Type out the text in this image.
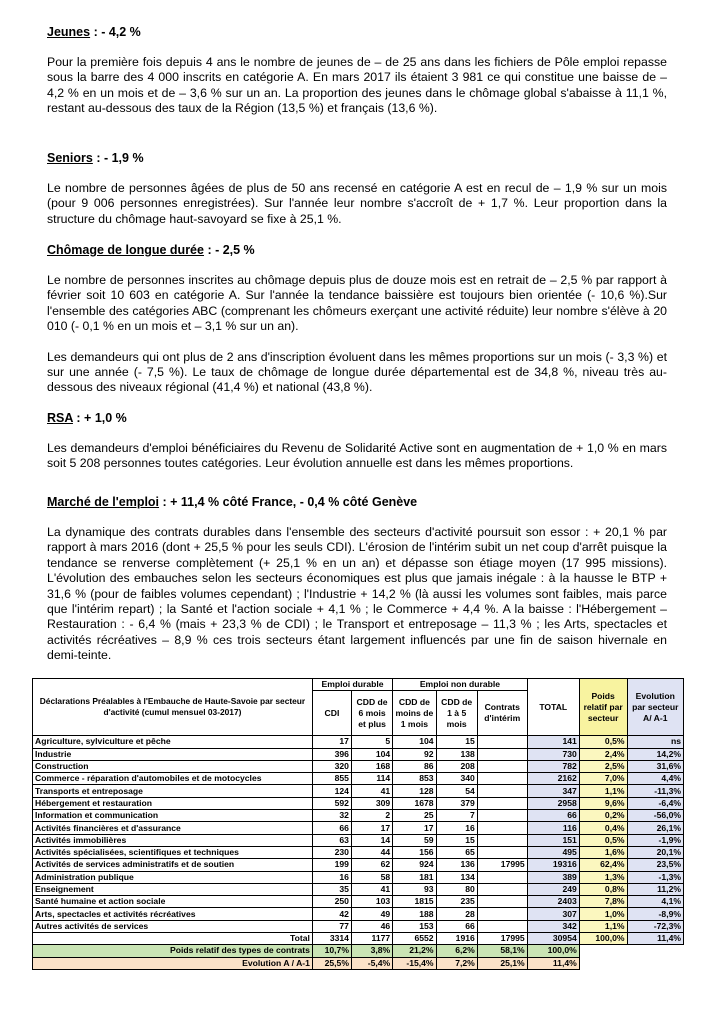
Jeunes : - 4,2 %

Pour la première fois depuis 4 ans le nombre de jeunes de – de 25 ans dans les fichiers de Pôle emploi repasse sous la barre des 4 000 inscrits en catégorie A. En mars 2017 ils étaient 3 981 ce qui constitue une baisse de – 4,2 % en un mois et de – 3,6 % sur un an. La proportion des jeunes dans le chômage global s'abaisse à 11,1 %, restant au-dessous des taux de la Région (13,5 %) et français (13,6 %).

Seniors : - 1,9 %

Le nombre de personnes âgées de plus de 50 ans recensé en catégorie A est en recul de – 1,9 % sur un mois (pour 9 006 personnes enregistrées). Sur l'année leur nombre s'accroît de + 1,7 %. Leur proportion dans la structure du chômage haut-savoyard se fixe à 25,1 %.

Chômage de longue durée : - 2,5 %

Le nombre de personnes inscrites au chômage depuis plus de douze mois est en retrait de – 2,5 % par rapport à février soit 10 603 en catégorie A. Sur l'année la tendance baissière est toujours bien orientée (- 10,6 %).Sur l'ensemble des catégories ABC (comprenant les chômeurs exerçant une activité réduite) leur nombre s'élève à 20 010 (- 0,1 % en un mois et – 3,1 % sur un an).

Les demandeurs qui ont plus de 2 ans d'inscription évoluent dans les mêmes proportions sur un mois (- 3,3 %) et sur une année (- 7,5 %). Le taux de chômage de longue durée départemental est de 34,8 %, niveau très au-dessous des niveaux régional (41,4 %) et national (43,8 %).

RSA : + 1,0 %

Les demandeurs d'emploi bénéficiaires du Revenu de Solidarité Active sont en augmentation de + 1,0 % en mars soit 5 208 personnes toutes catégories. Leur évolution annuelle est dans les mêmes proportions.

Marché de l'emploi : + 11,4 % côté France, - 0,4 % côté Genève

La dynamique des contrats durables dans l'ensemble des secteurs d'activité poursuit son essor : + 20,1 % par rapport à mars 2016 (dont + 25,5 % pour les seuls CDI). L'érosion de l'intérim subit un net coup d'arrêt puisque la tendance se renverse complètement (+ 25,1 % en un an) et dépasse son étiage moyen (17 995 missions). L'évolution des embauches selon les secteurs économiques est plus que jamais inégale : à la hausse le BTP + 31,6 % (pour de faibles volumes cependant) ; l'Industrie + 14,2 % (là aussi les volumes sont faibles, mais parce que l'intérim repart) ; la Santé et l'action sociale + 4,1 % ; le Commerce + 4,4 %. A la baisse : l'Hébergement – Restauration : - 6,4 % (mais + 23,3 % de CDI) ; le Transport et entreposage – 11,3 % ; les Arts, spectacles et activités récréatives – 8,9 % ces trois secteurs étant largement influencés par une fin de saison hivernale en demi-teinte.

Déclarations Préalables à l'Embauche de Haute-Savoie par secteur d'activité (cumul mensuel 03-2017)	Emploi durable		Emploi non durable			TOTAL	Poids relatif par secteur	Evolution par secteur A/ A-1
	CDI	CDD de 6 mois et plus	CDD de moins de 1 mois	CDD de 1 à 5 mois	Contrats d'intérim			
Agriculture, sylviculture et pêche	17	5	104	15		141	0,5%	ns
Industrie	396	104	92	138		730	2,4%	14,2%
Construction	320	168	86	208		782	2,5%	31,6%
Commerce - réparation d'automobiles et de motocycles	855	114	853	340		2162	7,0%	4,4%
Transports et entreposage	124	41	128	54		347	1,1%	-11,3%
Hébergement et restauration	592	309	1678	379		2958	9,6%	-6,4%
Information et communication	32	2	25	7		66	0,2%	-56,0%
Activités financières et d'assurance	66	17	17	16		116	0,4%	26,1%
Activités immobilières	63	14	59	15		151	0,5%	-1,9%
Activités spécialisées, scientifiques et techniques	230	44	156	65		495	1,6%	20,1%
Activités de services administratifs et de soutien	199	62	924	136	17995	19316	62,4%	23,5%
Administration publique	16	58	181	134		389	1,3%	-1,3%
Enseignement	35	41	93	80		249	0,8%	11,2%
Santé humaine et action sociale	250	103	1815	235		2403	7,8%	4,1%
Arts, spectacles et activités récréatives	42	49	188	28		307	1,0%	-8,9%
Autres activités de services	77	46	153	66		342	1,1%	-72,3%
Total	3314	1177	6552	1916	17995	30954	100,0%	11,4%
Poids relatif des types de contrats	10,7%	3,8%	21,2%	6,2%	58,1%	100,0%		
Evolution A / A-1	25,5%	-5,4%	-15,4%	7,2%	25,1%	11,4%		
